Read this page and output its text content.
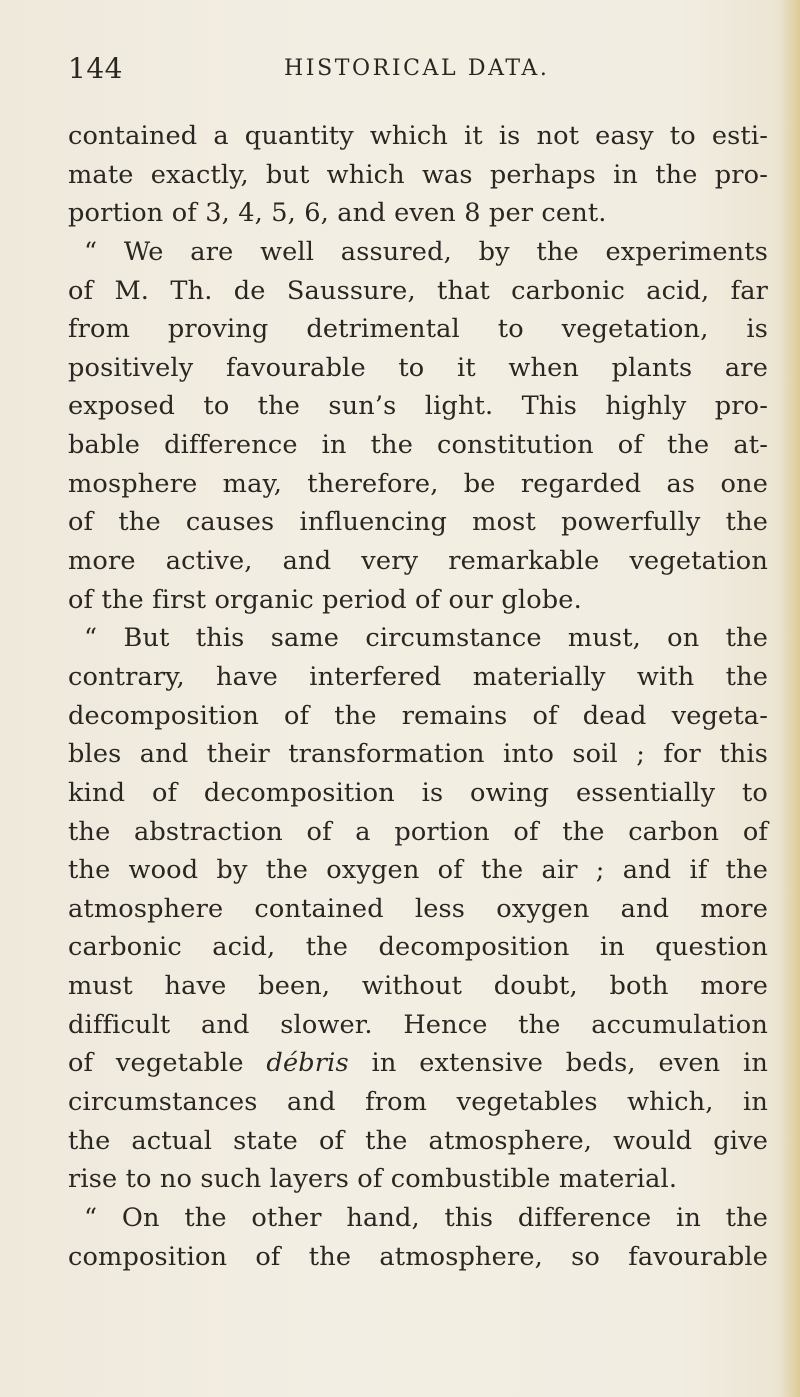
144	HISTORICAL DATA.
contained a quantity which it is not easy to esti-
mate exactly, but which was perhaps in the pro-
portion of 3, 4, 5, 6, and even 8 per cent.
“ We are well assured, by the experiments
of M. Th. de Saussure, that carbonic acid, far
from proving detrimental to vegetation, is
positively favourable to it when plants are
exposed to the sun’s light. This highly pro-
bable difference in the constitution of the at-
mosphere may, therefore, be regarded as one
of the causes influencing most powerfully the
more active, and very remarkable vegetation
of the first organic period of our globe.
“ But this same circumstance must, on the
contrary, have interfered materially with the
decomposition of the remains of dead vegeta-
bles and their transformation into soil ; for this
kind of decomposition is owing essentially to
the abstraction of a portion of the carbon of
the wood by the oxygen of the air ; and if the
atmosphere contained less oxygen and more
carbonic acid, the decomposition in question
must have been, without doubt, both more
difficult and slower. Hence the accumulation
of vegetable débris in extensive beds, even in
circumstances and from vegetables which, in
the actual state of the atmosphere, would give
rise to no such layers of combustible material.
“ On the other hand, this difference in the
composition of the atmosphere, so favourable
